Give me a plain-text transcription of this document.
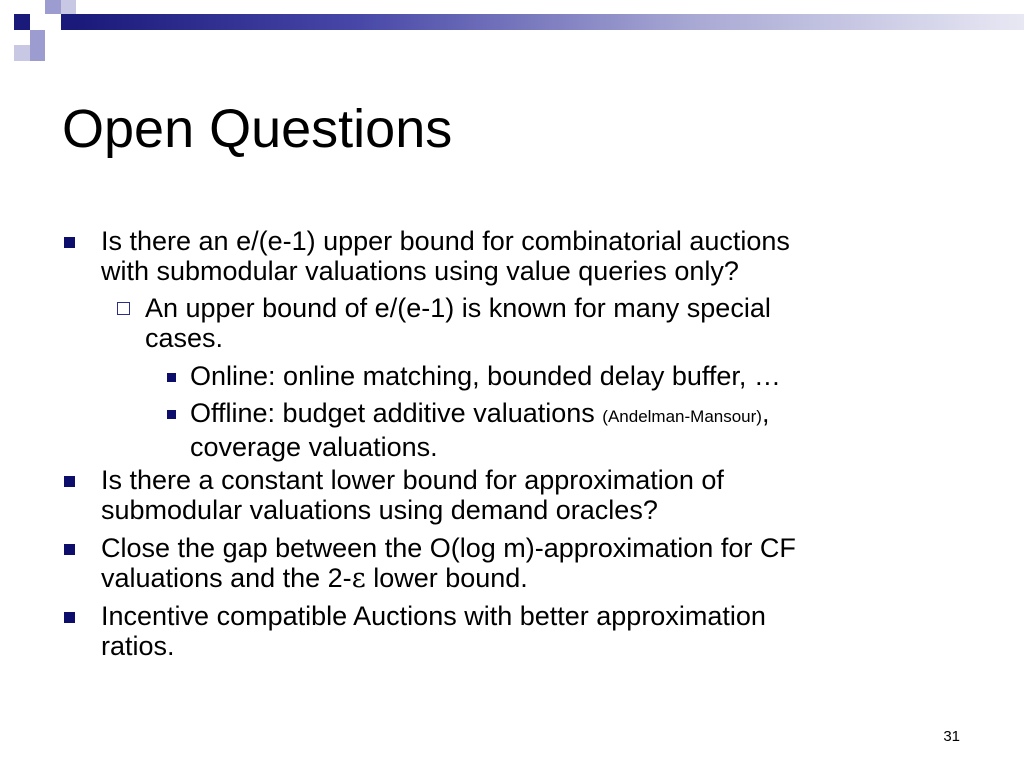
Open Questions
Is there an e/(e-1) upper bound for combinatorial auctions
with submodular valuations using value queries only?
An upper bound of e/(e-1) is known for many special
cases.
Online: online matching, bounded delay buffer, …
Offline: budget additive valuations (Andelman-Mansour),
coverage valuations.
Is there a constant lower bound for approximation of
submodular valuations using demand oracles?
Close the gap between the O(log m)-approximation for CF
valuations and the 2-ε lower bound.
Incentive compatible Auctions with better approximation
ratios.
31
